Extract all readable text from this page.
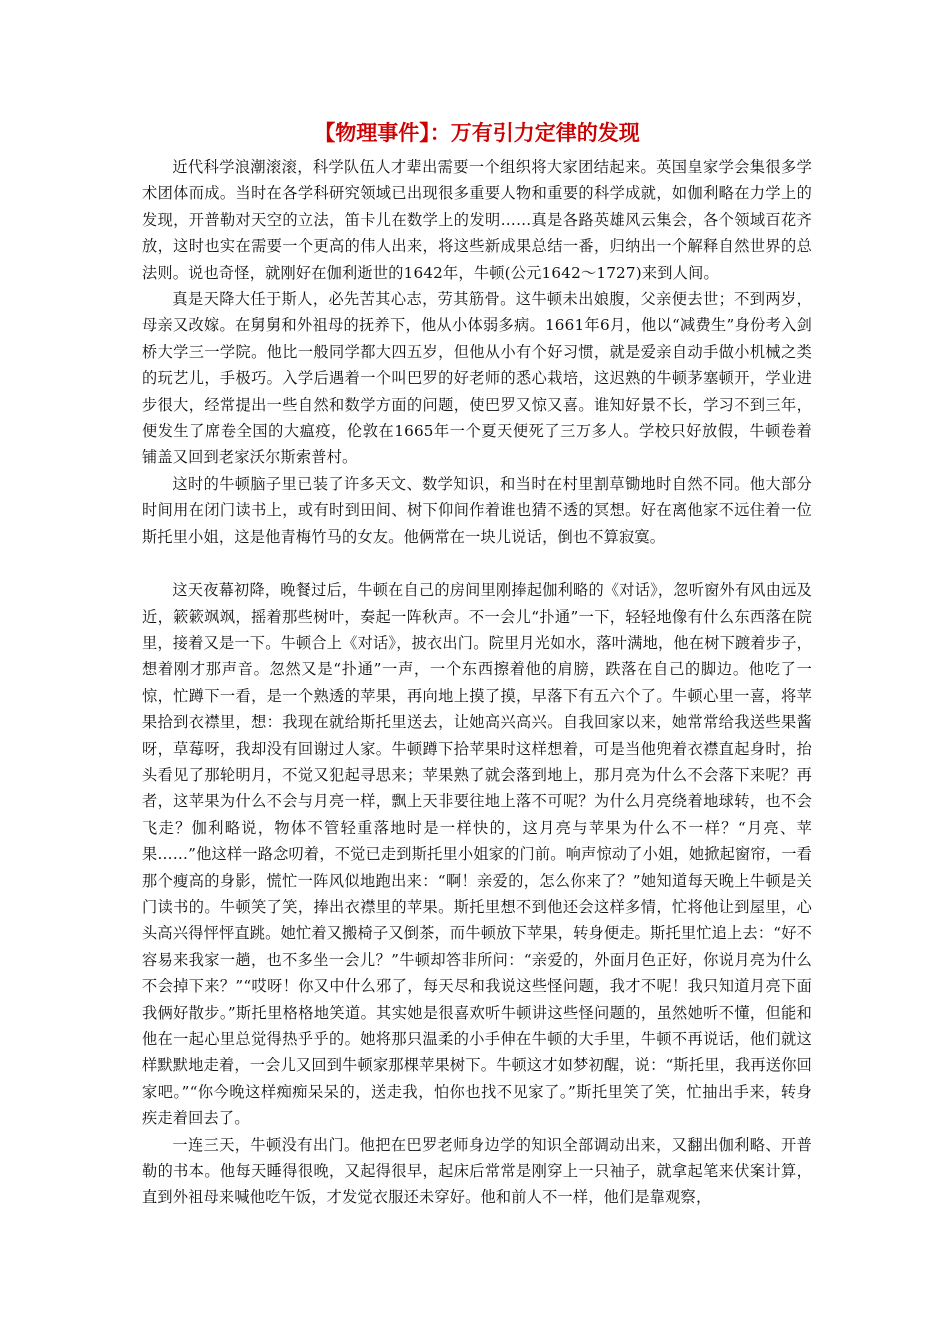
【物理事件】：万有引力定律的发现

近代科学浪潮滚滚，科学队伍人才辈出需要一个组织将大家团结起来。英国皇家学会集很多学术团体而成。当时在各学科研究领域已出现很多重要人物和重要的科学成就，如伽利略在力学上的发现，开普勒对天空的立法，笛卡儿在数学上的发明……真是各路英雄风云集会，各个领域百花齐放，这时也实在需要一个更高的伟人出来，将这些新成果总结一番，归纳出一个解释自然世界的总法则。说也奇怪，就刚好在伽利逝世的1642年，牛顿(公元1642～1727)来到人间。

真是天降大任于斯人，必先苦其心志，劳其筋骨。这牛顿未出娘腹，父亲便去世；不到两岁，母亲又改嫁。在舅舅和外祖母的抚养下，他从小体弱多病。1661年6月，他以“减费生”身份考入剑桥大学三一学院。他比一般同学都大四五岁，但他从小有个好习惯，就是爱亲自动手做小机械之类的玩艺儿，手极巧。入学后遇着一个叫巴罗的好老师的悉心栽培，这迟熟的牛顿茅塞顿开，学业进步很大，经常提出一些自然和数学方面的问题，使巴罗又惊又喜。谁知好景不长，学习不到三年，便发生了席卷全国的大瘟疫，伦敦在1665年一个夏天便死了三万多人。学校只好放假，牛顿卷着铺盖又回到老家沃尔斯索普村。

这时的牛顿脑子里已装了许多天文、数学知识，和当时在村里割草锄地时自然不同。他大部分时间用在闭门读书上，或有时到田间、树下仰间作着谁也猜不透的冥想。好在离他家不远住着一位斯托里小姐，这是他青梅竹马的女友。他俩常在一块儿说话，倒也不算寂寞。

这天夜幕初降，晚餐过后，牛顿在自己的房间里刚捧起伽利略的《对话》，忽听窗外有风由远及近，簌簌飒飒，摇着那些树叶，奏起一阵秋声。不一会儿“扑通”一下，轻轻地像有什么东西落在院里，接着又是一下。牛顿合上《对话》，披衣出门。院里月光如水，落叶满地，他在树下踱着步子，想着刚才那声音。忽然又是“扑通”一声，一个东西擦着他的肩膀，跌落在自己的脚边。他吃了一惊，忙蹲下一看，是一个熟透的苹果，再向地上摸了摸，早落下有五六个了。牛顿心里一喜，将苹果拾到衣襟里，想：我现在就给斯托里送去，让她高兴高兴。自我回家以来，她常常给我送些果酱呀，草莓呀，我却没有回谢过人家。牛顿蹲下拾苹果时这样想着，可是当他兜着衣襟直起身时，抬头看见了那轮明月，不觉又犯起寻思来；苹果熟了就会落到地上，那月亮为什么不会落下来呢？再者，这苹果为什么不会与月亮一样，飘上天非要往地上落不可呢？为什么月亮绕着地球转，也不会飞走？伽利略说，物体不管轻重落地时是一样快的，这月亮与苹果为什么不一样？“月亮、苹果……”他这样一路念叨着，不觉已走到斯托里小姐家的门前。响声惊动了小姐，她掀起窗帘，一看那个瘦高的身影，慌忙一阵风似地跑出来：“啊！亲爱的，怎么你来了？”她知道每天晚上牛顿是关门读书的。牛顿笑了笑，捧出衣襟里的苹果。斯托里想不到他还会这样多情，忙将他让到屋里，心头高兴得怦怦直跳。她忙着又搬椅子又倒茶，而牛顿放下苹果，转身便走。斯托里忙追上去：“好不容易来我家一趟，也不多坐一会儿？”牛顿却答非所问：“亲爱的，外面月色正好，你说月亮为什么不会掉下来？”“哎呀！你又中什么邪了，每天尽和我说这些怪问题，我才不呢！我只知道月亮下面我俩好散步。”斯托里格格地笑道。其实她是很喜欢听牛顿讲这些怪问题的，虽然她听不懂，但能和他在一起心里总觉得热乎乎的。她将那只温柔的小手伸在牛顿的大手里，牛顿不再说话，他们就这样默默地走着，一会儿又回到牛顿家那棵苹果树下。牛顿这才如梦初醒，说：“斯托里，我再送你回家吧。”“你今晚这样痴痴呆呆的，送走我，怕你也找不见家了。”斯托里笑了笑，忙抽出手来，转身疾走着回去了。

一连三天，牛顿没有出门。他把在巴罗老师身边学的知识全部调动出来，又翻出伽利略、开普勒的书本。他每天睡得很晚，又起得很早，起床后常常是刚穿上一只袖子，就拿起笔来伏案计算，直到外祖母来喊他吃午饭，才发觉衣服还未穿好。他和前人不一样，他们是靠观察，
